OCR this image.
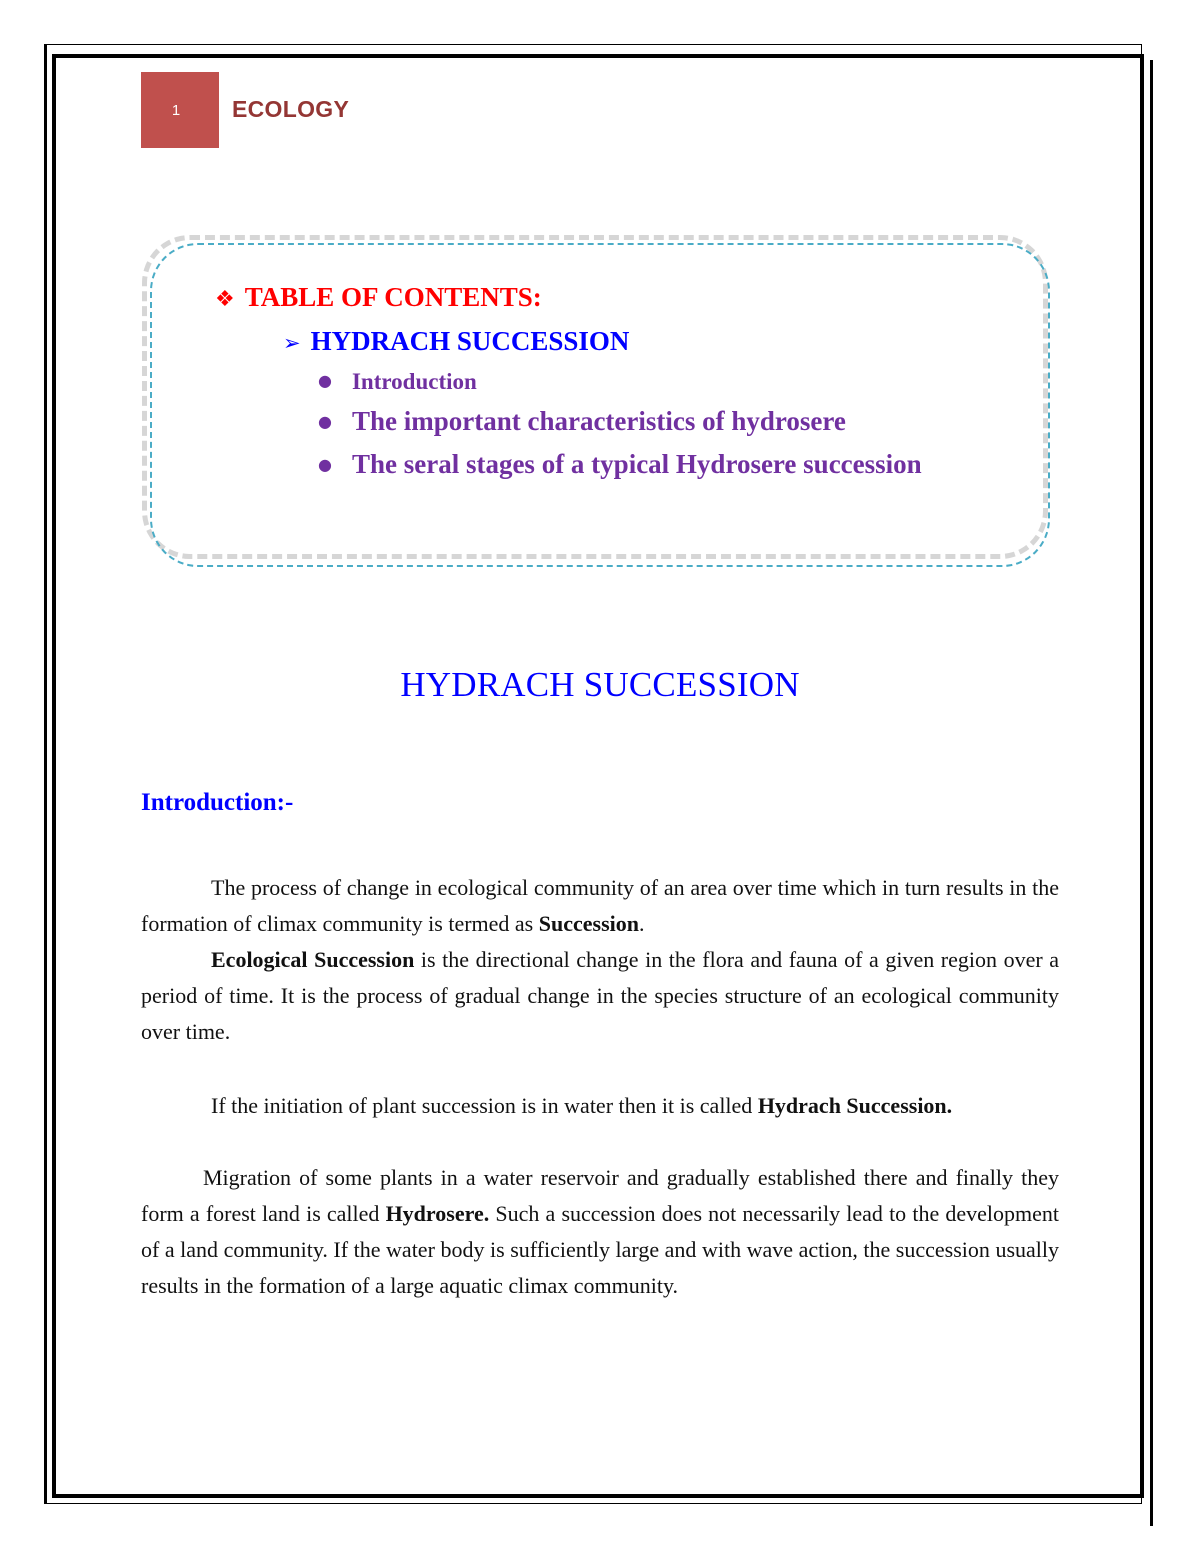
1 ECOLOGY
❖ TABLE OF CONTENTS:
➢ HYDRACH SUCCESSION
● Introduction
● The important characteristics of hydrosere
● The seral stages of a typical Hydrosere succession
HYDRACH SUCCESSION
Introduction:-
The process of change in ecological community of an area over time which in turn results in the formation of climax community is termed as Succession.
Ecological Succession is the directional change in the flora and fauna of a given region over a period of time. It is the process of gradual change in the species structure of an ecological community over time.
If the initiation of plant succession is in water then it is called Hydrach Succession.
Migration of some plants in a water reservoir and gradually established there and finally they form a forest land is called Hydrosere. Such a succession does not necessarily lead to the development of a land community. If the water body is sufficiently large and with wave action, the succession usually results in the formation of a large aquatic climax community.
